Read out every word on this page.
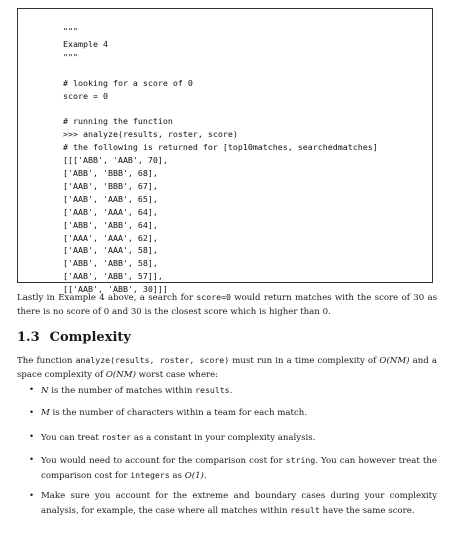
"""
Example 4
"""

# looking for a score of 0
score = 0

# running the function
>>> analyze(results, roster, score)
# the following is returned for [top10matches, searchedmatches]
[[['ABB', 'AAB', 70],
['ABB', 'BBB', 68],
['AAB', 'BBB', 67],
['AAB', 'AAB', 65],
['AAB', 'AAA', 64],
['ABB', 'ABB', 64],
['AAA', 'AAA', 62],
['AAB', 'AAA', 58],
['ABB', 'ABB', 58],
['AAB', 'ABB', 57]],
[['AAB', 'ABB', 30]]]

Lastly in Example 4 above, a search for score=0 would return matches with the score of 30 as there is no score of 0 and 30 is the closest score which is higher than 0.

1.3 Complexity

The function analyze(results, roster, score) must run in a time complexity of O(NM) and a space complexity of O(NM) worst case where:

• N is the number of matches within results.
• M is the number of characters within a team for each match.
• You can treat roster as a constant in your complexity analysis.
• You would need to account for the comparison cost for string. You can however treat the comparison cost for integers as O(1).
• Make sure you account for the extreme and boundary cases during your complexity analysis, for example, the case where all matches within result have the same score.
